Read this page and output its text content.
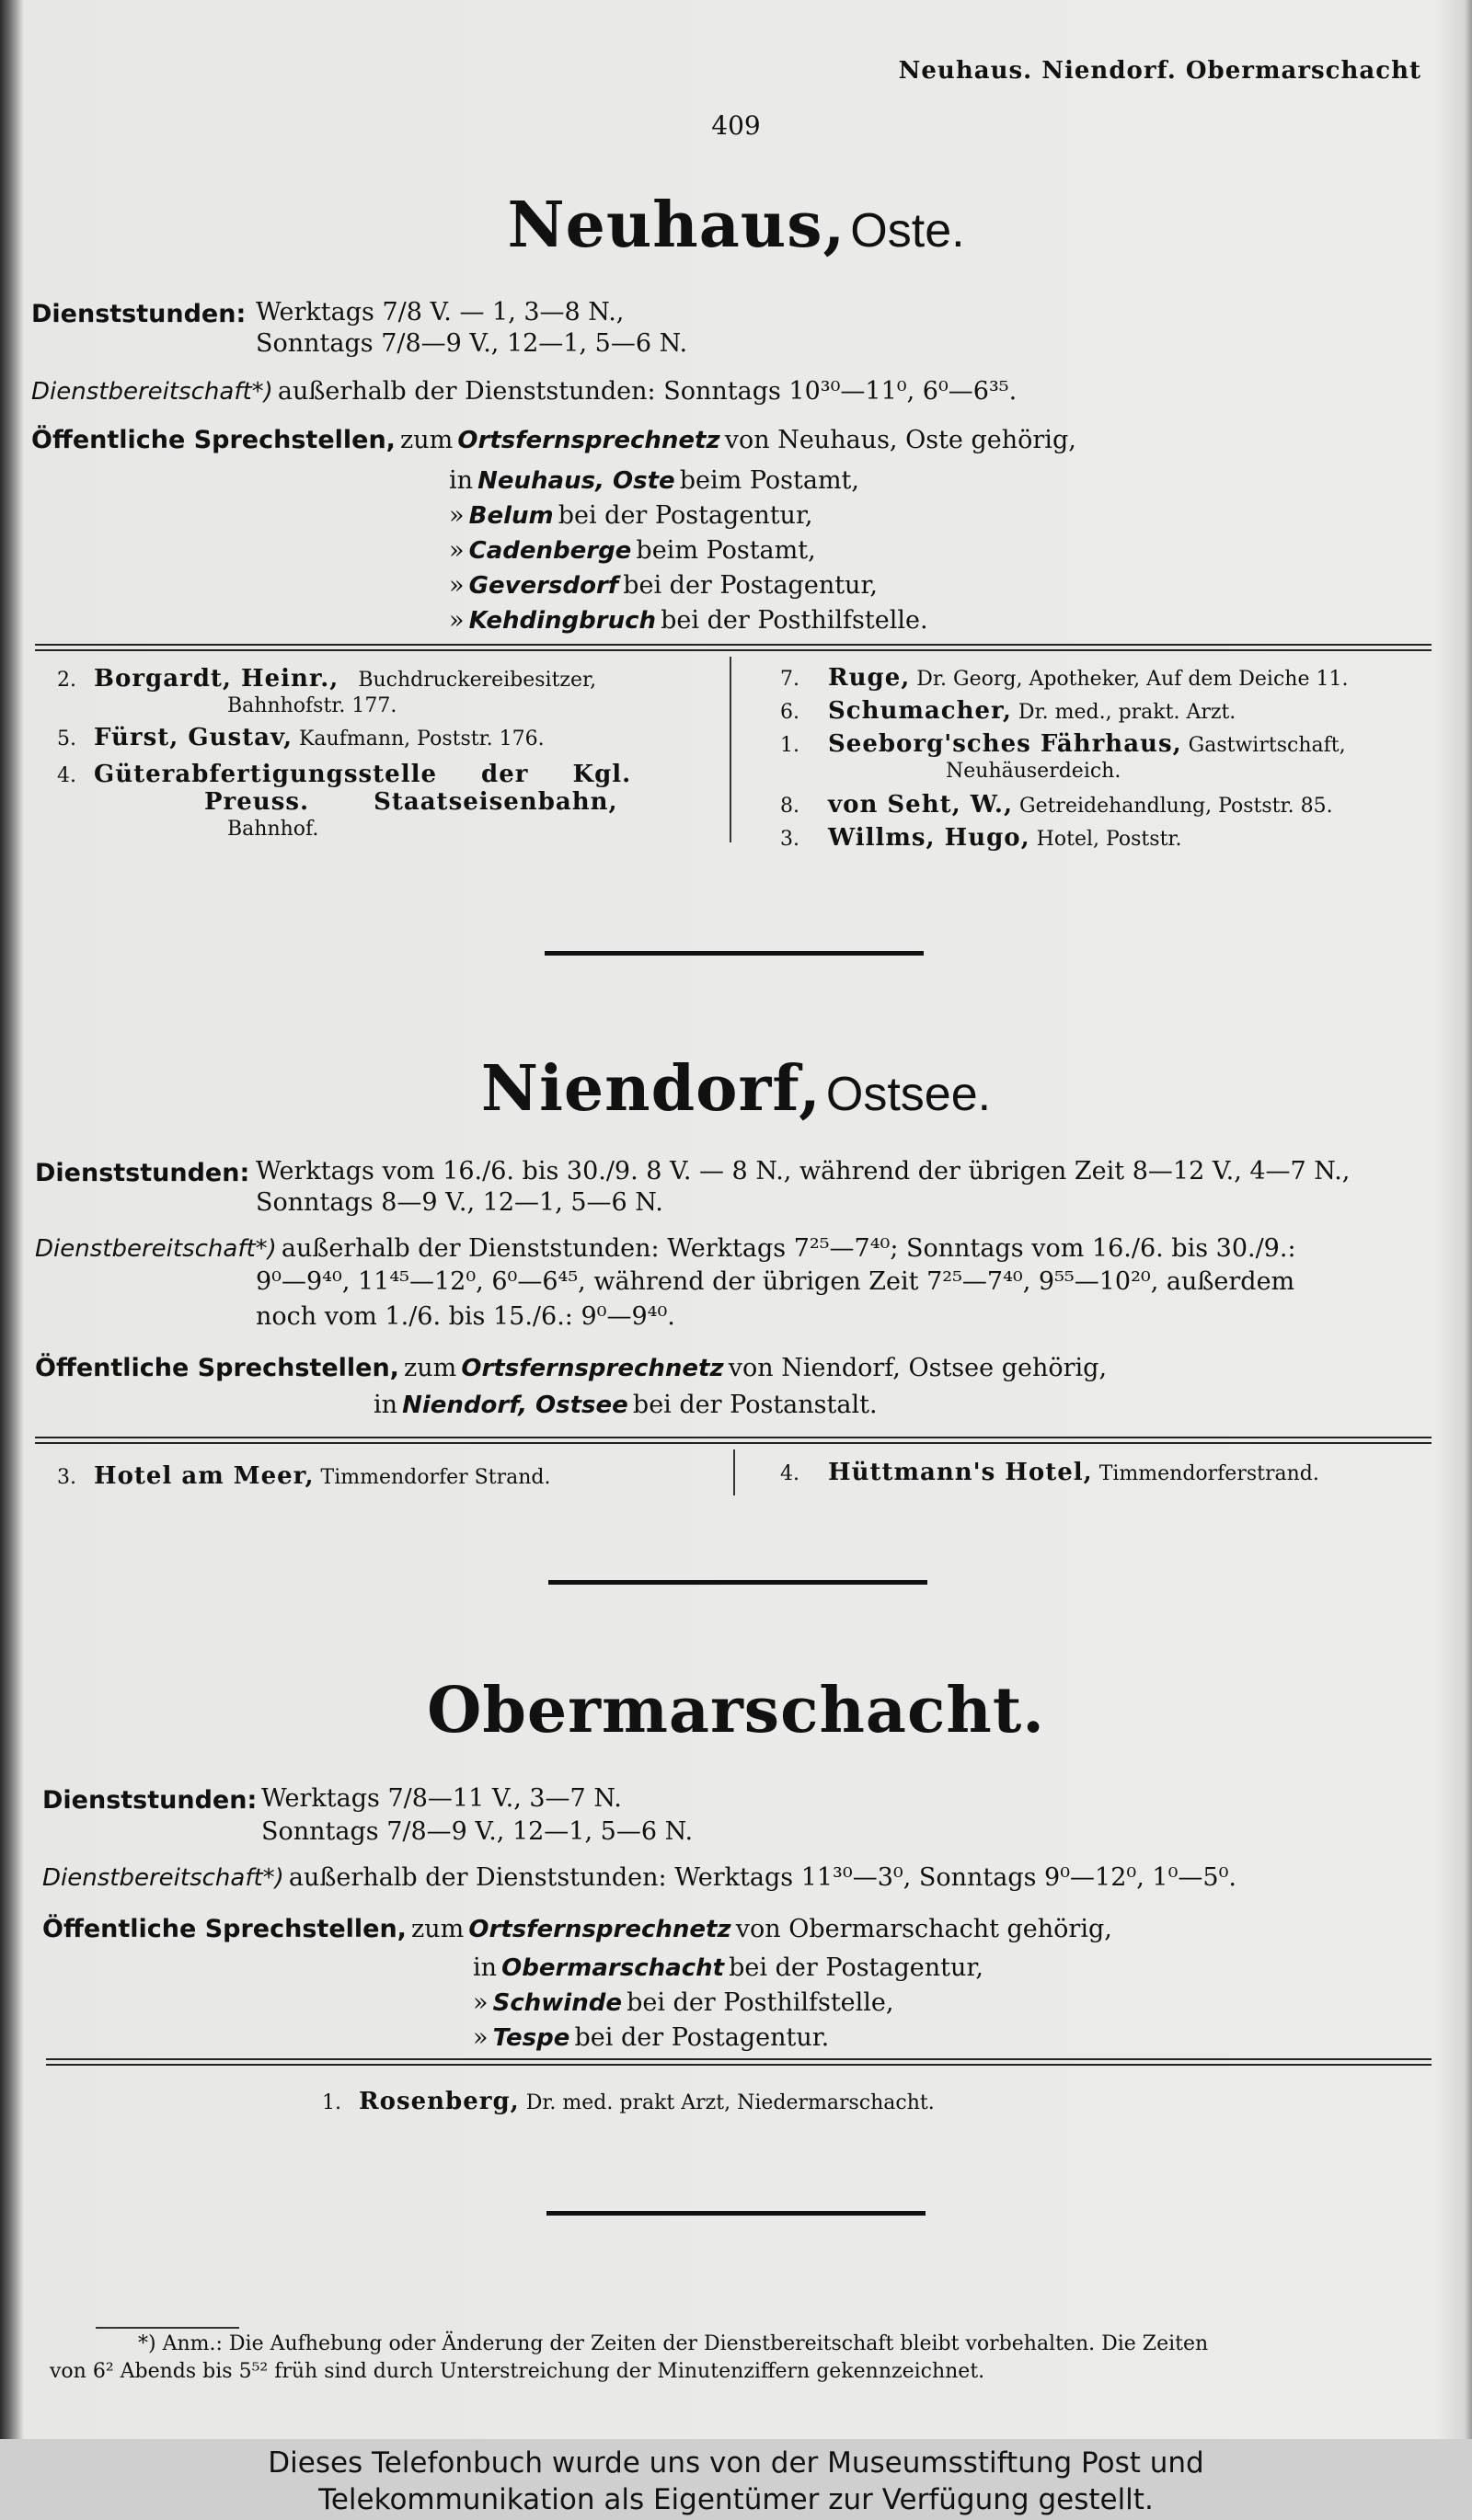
Neuhaus. Niendorf. Obermarschacht
409
Neuhaus, Oste.
Dienststunden: Werktags 7/8 V. — 1, 3—8 N.,
Sonntags 7/8—9 V., 12—1, 5—6 N.
Dienstbereitschaft*) außerhalb der Dienststunden: Sonntags 10³⁰—11⁰, 6⁰—6³⁵.
Öffentliche Sprechstellen, zum Ortsfernsprechnetz von Neuhaus, Oste gehörig,
in Neuhaus, Oste beim Postamt,
» Belum bei der Postagentur,
» Cadenberge beim Postamt,
» Geversdorf bei der Postagentur,
» Kehdingbruch bei der Posthilfstelle.
2. Borgardt, Heinr., Buchdruckereibesitzer,
Bahnhofstr. 177.
5. Fürst, Gustav, Kaufmann, Poststr. 176.
4. Güterabfertigungsstelle der Kgl.
Preuss. Staatseisenbahn,
Bahnhof.
7. Ruge, Dr. Georg, Apotheker, Auf dem Deiche 11.
6. Schumacher, Dr. med., prakt. Arzt.
1. Seeborg'sches Fährhaus, Gastwirtschaft,
Neuhäuserdeich.
8. von Seht, W., Getreidehandlung, Poststr. 85.
3. Willms, Hugo, Hotel, Poststr.
Niendorf, Ostsee.
Dienststunden: Werktags vom 16./6. bis 30./9. 8 V. — 8 N., während der übrigen Zeit 8—12 V., 4—7 N.,
Sonntags 8—9 V., 12—1, 5—6 N.
Dienstbereitschaft*) außerhalb der Dienststunden: Werktags 7²⁵—7⁴⁰; Sonntags vom 16./6. bis 30./9.:
9⁰—9⁴⁰, 11⁴⁵—12⁰, 6⁰—6⁴⁵, während der übrigen Zeit 7²⁵—7⁴⁰, 9⁵⁵—10²⁰, außerdem
noch vom 1./6. bis 15./6.: 9⁰—9⁴⁰.
Öffentliche Sprechstellen, zum Ortsfernsprechnetz von Niendorf, Ostsee gehörig,
in Niendorf, Ostsee bei der Postanstalt.
3. Hotel am Meer, Timmendorfer Strand.	4. Hüttmann's Hotel, Timmendorferstrand.
Obermarschacht.
Dienststunden: Werktags 7/8—11 V., 3—7 N.
Sonntags 7/8—9 V., 12—1, 5—6 N.
Dienstbereitschaft*) außerhalb der Dienststunden: Werktags 11³⁰—3⁰, Sonntags 9⁰—12⁰, 1⁰—5⁰.
Öffentliche Sprechstellen, zum Ortsfernsprechnetz von Obermarschacht gehörig,
in Obermarschacht bei der Postagentur,
» Schwinde bei der Posthilfstelle,
» Tespe bei der Postagentur.
1. Rosenberg, Dr. med. prakt Arzt, Niedermarschacht.
*) Anm.: Die Aufhebung oder Änderung der Zeiten der Dienstbereitschaft bleibt vorbehalten. Die Zeiten
von 6² Abends bis 5⁵² früh sind durch Unterstreichung der Minutenziffern gekennzeichnet.
Dieses Telefonbuch wurde uns von der Museumsstiftung Post und
Telekommunikation als Eigentümer zur Verfügung gestellt.
